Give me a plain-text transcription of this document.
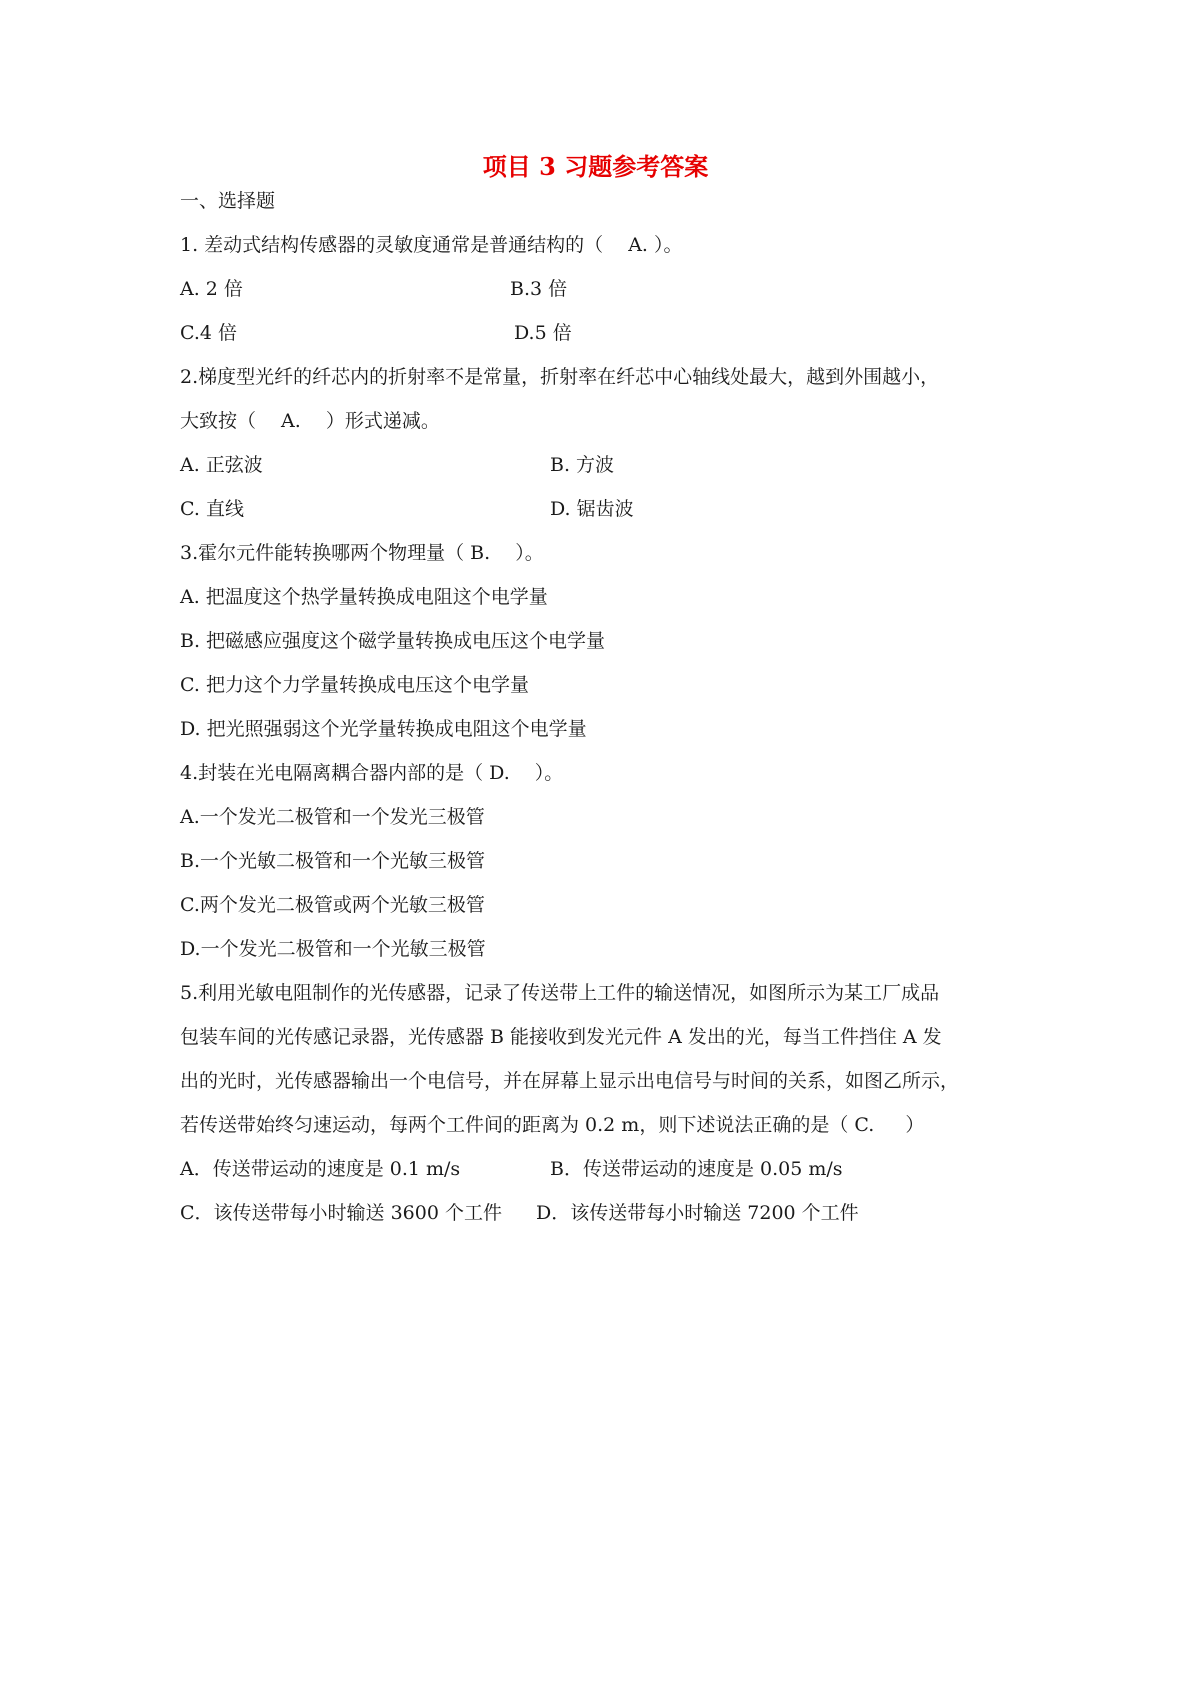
项目 3 习题参考答案
一、选择题
1. 差动式结构传感器的灵敏度通常是普通结构的（ 　A. ）。
A. 2 倍	B.3 倍
C.4 倍	D.5 倍
2.梯度型光纤的纤芯内的折射率不是常量，折射率在纤芯中心轴线处最大，越到外围越小，
大致按（ 　A. 　）形式递减。
A. 正弦波	B. 方波
C. 直线	D. 锯齿波
3.霍尔元件能转换哪两个物理量（ B. 　）。
A. 把温度这个热学量转换成电阻这个电学量
B. 把磁感应强度这个磁学量转换成电压这个电学量
C. 把力这个力学量转换成电压这个电学量
D. 把光照强弱这个光学量转换成电阻这个电学量
4.封装在光电隔离耦合器内部的是（ D. 　）。
A.一个发光二极管和一个发光三极管
B.一个光敏二极管和一个光敏三极管
C.两个发光二极管或两个光敏三极管
D.一个发光二极管和一个光敏三极管
5.利用光敏电阻制作的光传感器，记录了传送带上工件的输送情况，如图所示为某工厂成品
包装车间的光传感记录器，光传感器 B 能接收到发光元件 A 发出的光，每当工件挡住 A 发
出的光时，光传感器输出一个电信号，并在屏幕上显示出电信号与时间的关系，如图乙所示，
若传送带始终匀速运动，每两个工件间的距离为 0.2 m，则下述说法正确的是（ C. 　 ）
A．传送带运动的速度是 0.1 m/s	B．传送带运动的速度是 0.05 m/s
C．该传送带每小时输送 3600 个工件 D．该传送带每小时输送 7200 个工件
